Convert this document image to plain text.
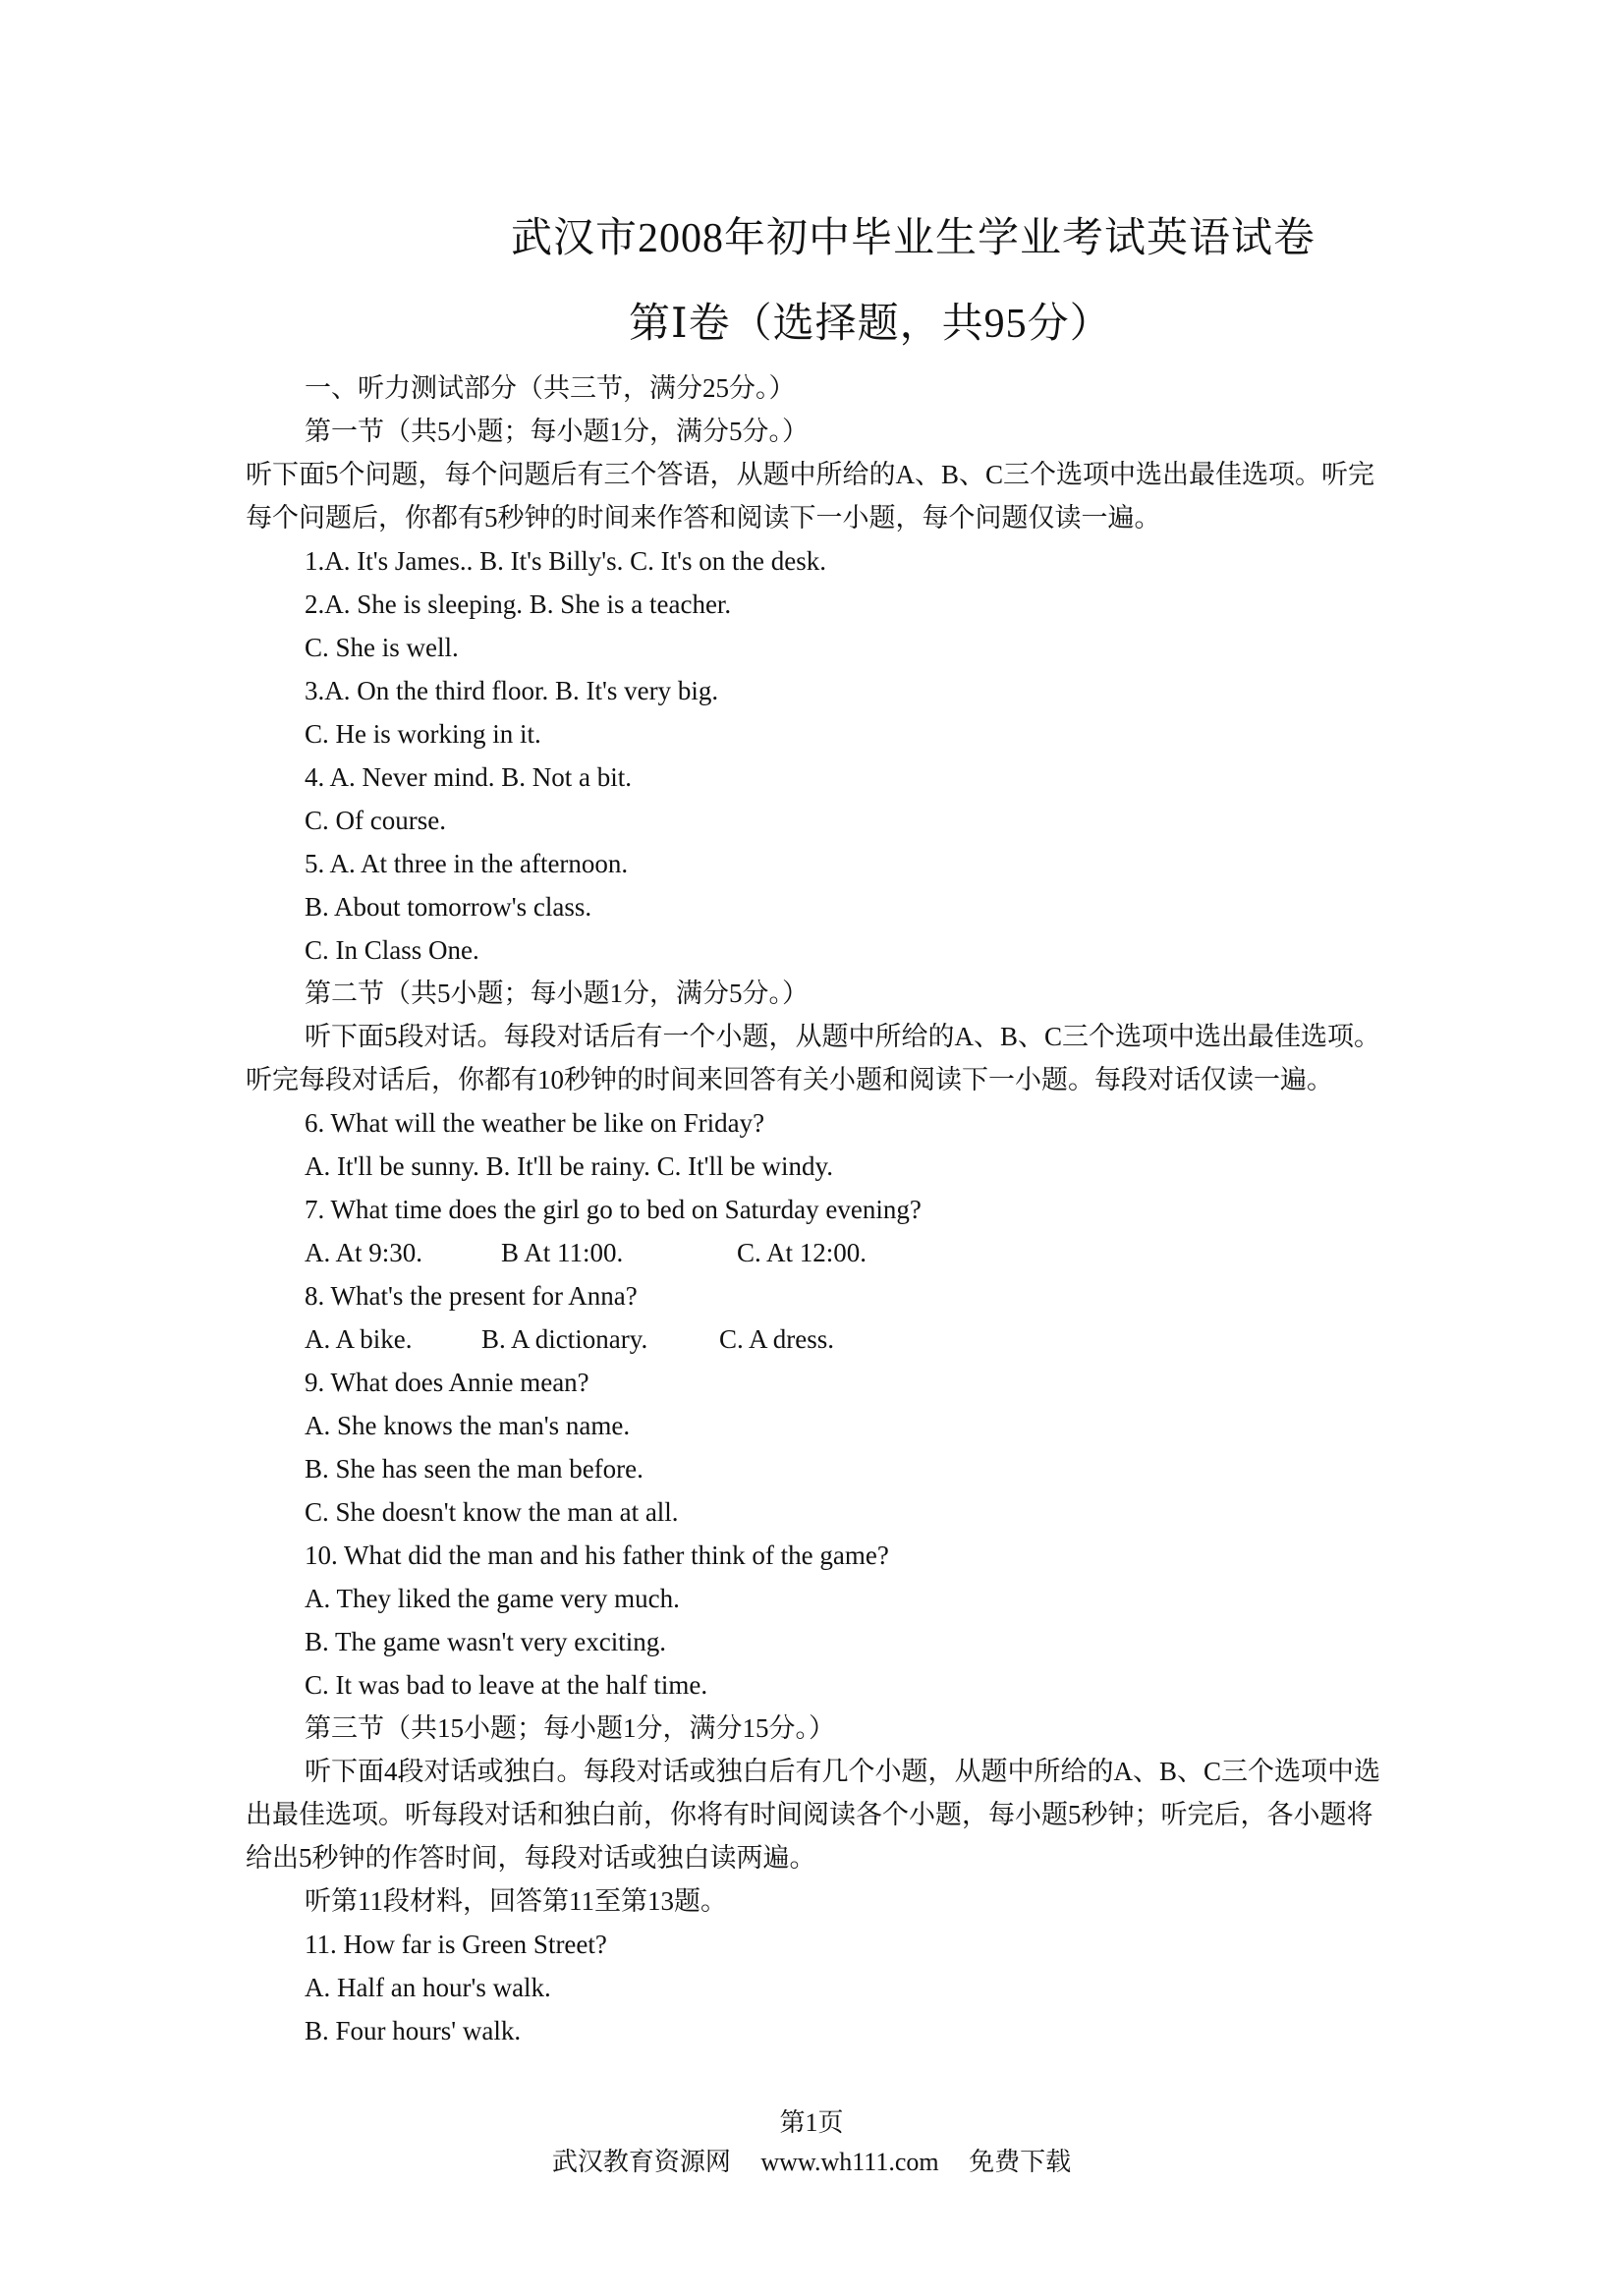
武汉市2008年初中毕业生学业考试英语试卷
第Ⅰ卷（选择题，共95分）
一、听力测试部分（共三节，满分25分。）
第一节（共5小题；每小题1分，满分5分。）
听下面5个问题，每个问题后有三个答语，从题中所给的A、B、C三个选项中选出最佳选项。听完每个问题后，你都有5秒钟的时间来作答和阅读下一小题，每个问题仅读一遍。
1.A. It's James.. B. It's Billy's. C. It's on the desk.
2.A. She is sleeping. B. She is a teacher.
C. She is well.
3.A. On the third floor. B. It's very big.
C. He is working in it.
4. A. Never mind. B. Not a bit.
C. Of course.
5. A. At three in the afternoon.
B. About tomorrow's class.
C. In Class One.
第二节（共5小题；每小题1分，满分5分。）
听下面5段对话。每段对话后有一个小题，从题中所给的A、B、C三个选项中选出最佳选项。听完每段对话后，你都有10秒钟的时间来回答有关小题和阅读下一小题。每段对话仅读一遍。
6. What will the weather be like on Friday?
A. It'll be sunny. B. It'll be rainy. C. It'll be windy.
7. What time does the girl go to bed on Saturday evening?
A. At 9:30.	B At 11:00.	C. At 12:00.
8. What's the present for Anna?
A. A bike.	B. A dictionary.	C. A dress.
9. What does Annie mean?
A. She knows the man's name.
B. She has seen the man before.
C. She doesn't know the man at all.
10. What did the man and his father think of the game?
A. They liked the game very much.
B. The game wasn't very exciting.
C. It was bad to leave at the half time.
第三节（共15小题；每小题1分，满分15分。）
听下面4段对话或独白。每段对话或独白后有几个小题，从题中所给的A、B、C三个选项中选出最佳选项。听每段对话和独白前，你将有时间阅读各个小题，每小题5秒钟；听完后，各小题将给出5秒钟的作答时间，每段对话或独白读两遍。
听第11段材料，回答第11至第13题。
11. How far is Green Street?
A. Half an hour's walk.
B. Four hours' walk.
第1页
武汉教育资源网 www.wh111.com 免费下载
